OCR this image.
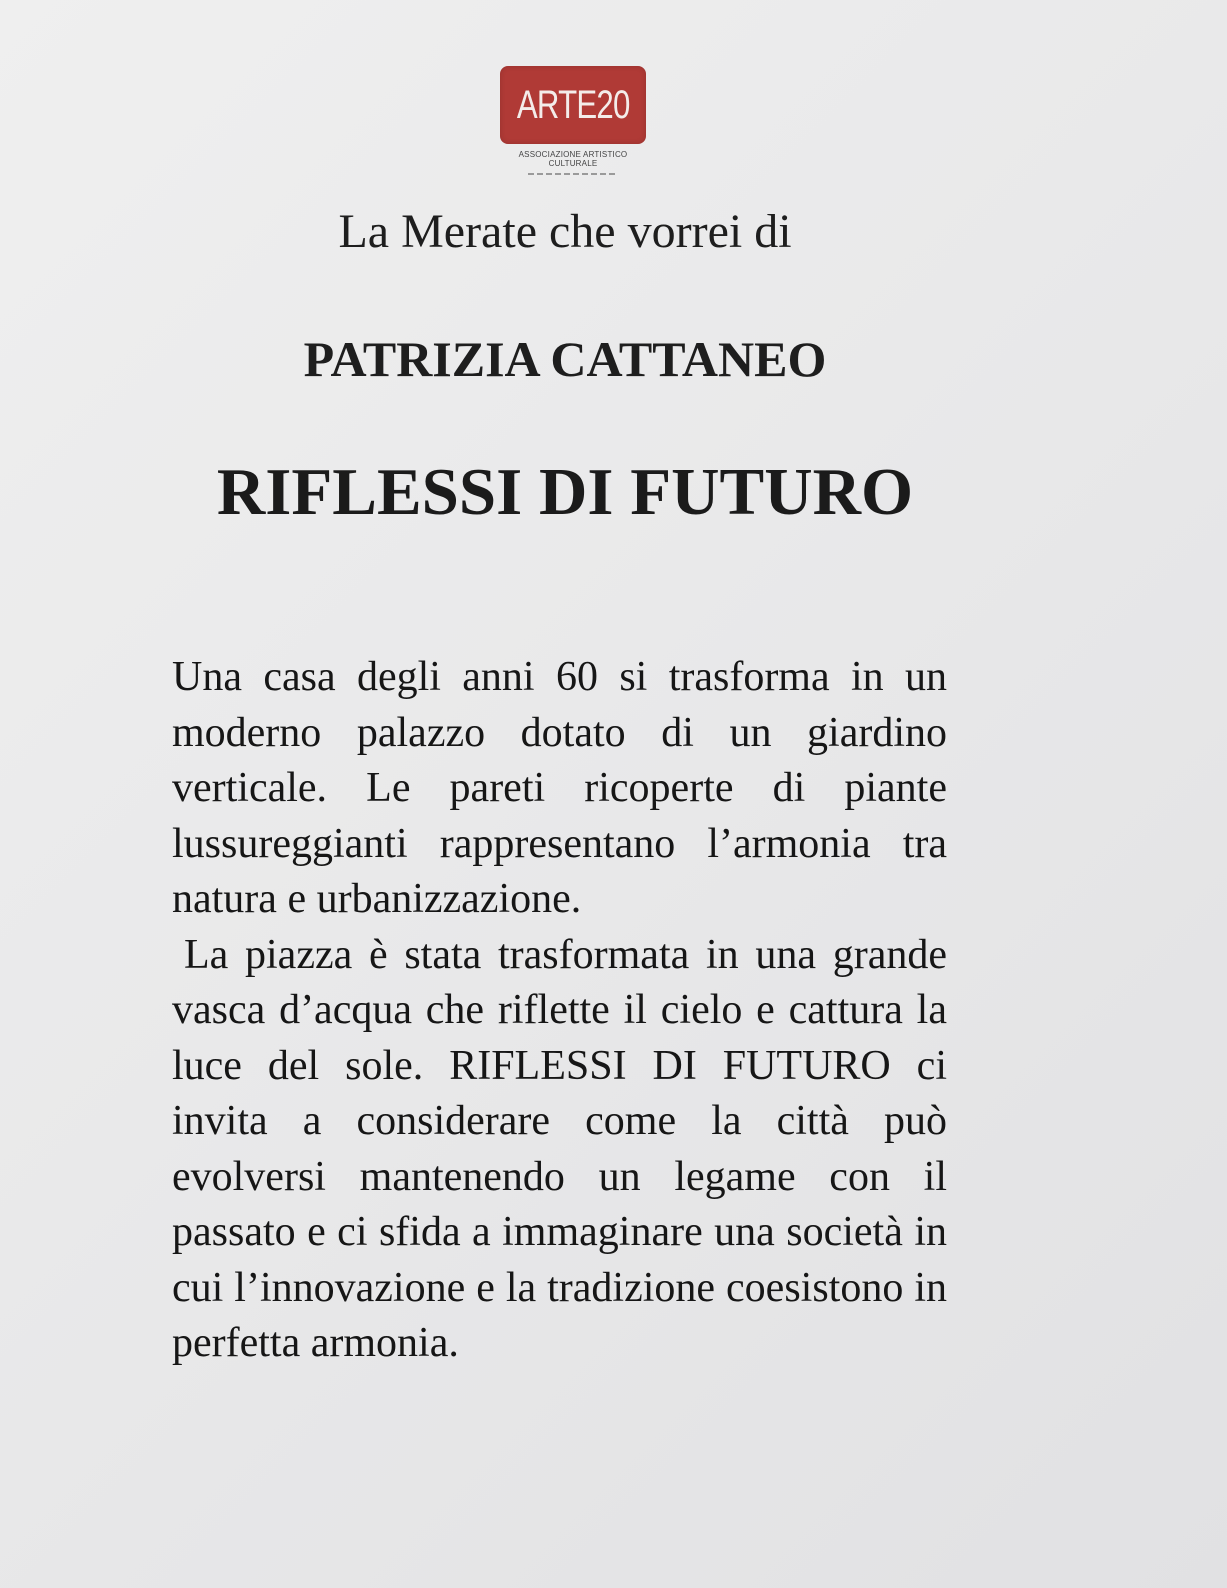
ARTE20
ASSOCIAZIONE ARTISTICO CULTURALE
La Merate che vorrei di
PATRIZIA CATTANEO
RIFLESSI DI FUTURO

Una casa degli anni 60 si trasforma in un moderno palazzo dotato di un giardino verticale. Le pareti ricoperte di piante lussureggianti rappresentano l’armonia tra natura e urbanizzazione.

La piazza è stata trasformata in una grande vasca d’acqua che riflette il cielo e cattura la luce del sole. RIFLESSI DI FUTURO ci invita a considerare come la città può evolversi mantenendo un legame con il passato e ci sfida a immaginare una società in cui l’innovazione e la tradizione coesistono in perfetta armonia.
